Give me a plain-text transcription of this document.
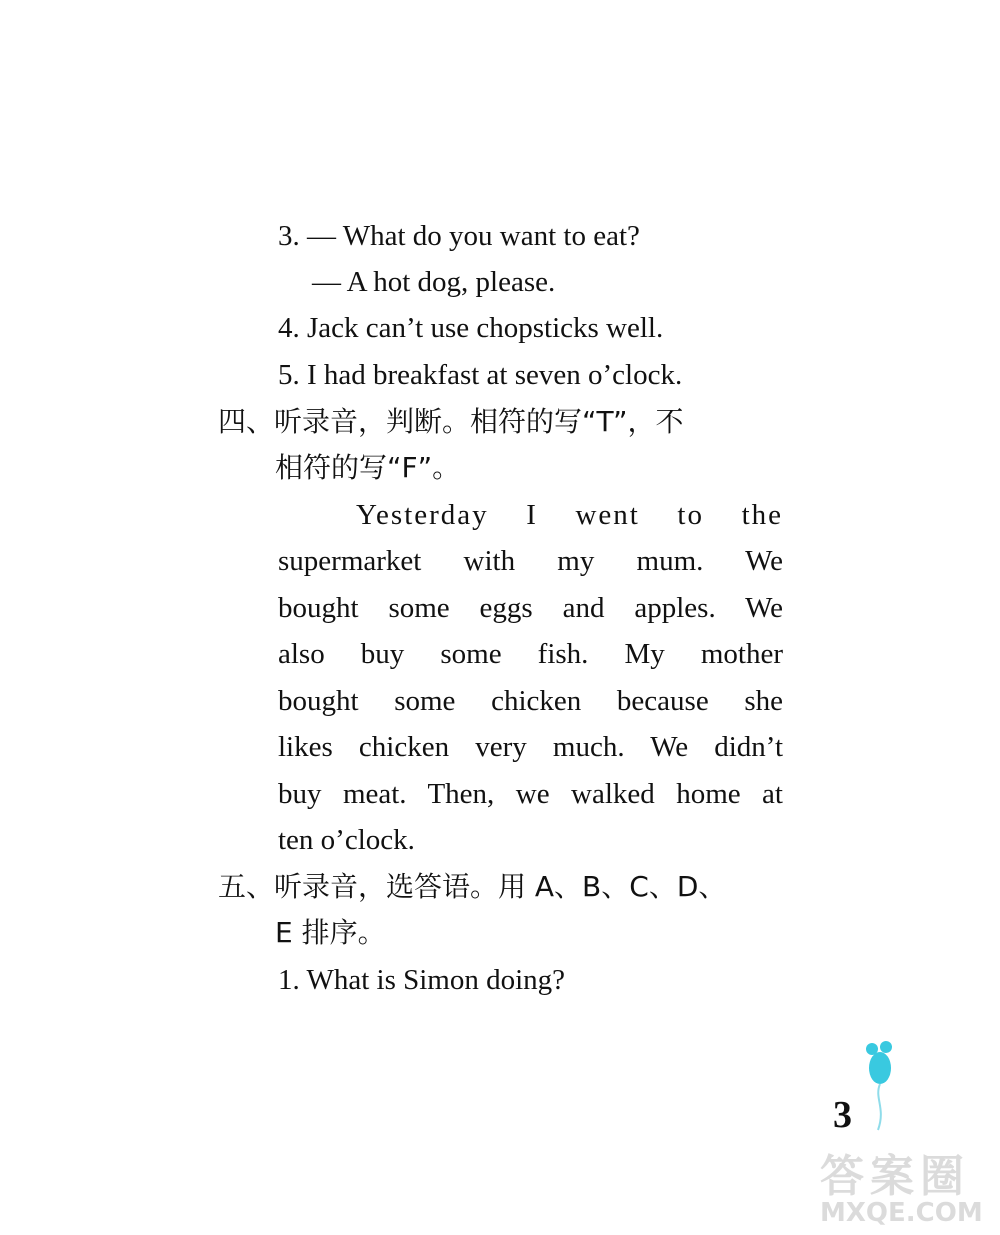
3. — What do you want to eat?
— A hot dog, please.
4. Jack can’t use chopsticks well.
5. I had breakfast at seven o’clock.
四、听录音，判断。相符的写“T”，不
相符的写“F”。
Yesterday I went to the
supermarket with my mum. We
bought some eggs and apples. We
also buy some fish. My mother
bought some chicken because she
likes chicken very much. We didn’t
buy meat. Then, we walked home at
ten o’clock.
五、听录音，选答语。用 A、B、C、D、
E 排序。
1. What is Simon doing?
3
答案圈
MXQE.COM
